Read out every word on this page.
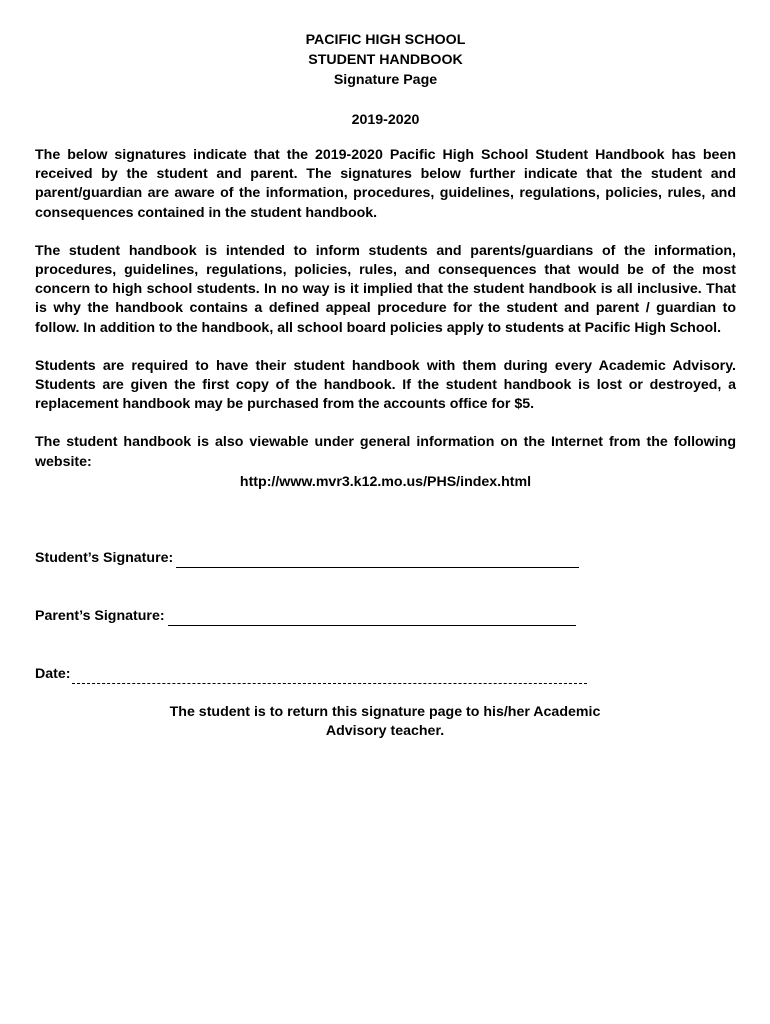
PACIFIC HIGH SCHOOL
STUDENT HANDBOOK
Signature Page
2019-2020

The below signatures indicate that the 2019-2020 Pacific High School Student Handbook has been received by the student and parent. The signatures below further indicate that the student and parent/guardian are aware of the information, procedures, guidelines, regulations, policies, rules, and consequences contained in the student handbook.

The student handbook is intended to inform students and parents/guardians of the information, procedures, guidelines, regulations, policies, rules, and consequences that would be of the most concern to high school students. In no way is it implied that the student handbook is all inclusive. That is why the handbook contains a defined appeal procedure for the student and parent / guardian to follow. In addition to the handbook, all school board policies apply to students at Pacific High School.

Students are required to have their student handbook with them during every Academic Advisory. Students are given the first copy of the handbook. If the student handbook is lost or destroyed, a replacement handbook may be purchased from the accounts office for $5.

The student handbook is also viewable under general information on the Internet from the following website:

http://www.mvr3.k12.mo.us/PHS/index.html
Student’s Signature:
Parent’s Signature:
Date:
The student is to return this signature page to his/her Academic
Advisory teacher.
